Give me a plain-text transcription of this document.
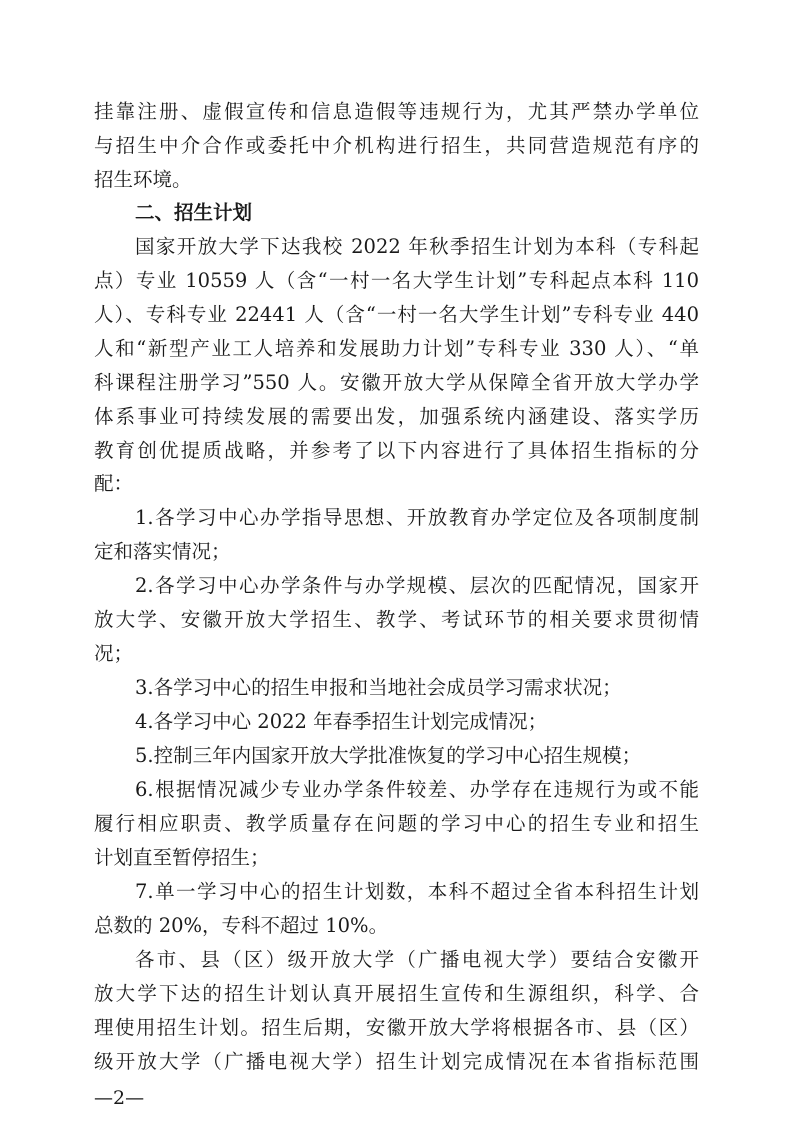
挂靠注册、虚假宣传和信息造假等违规行为，尤其严禁办学单位
与招生中介合作或委托中介机构进行招生，共同营造规范有序的
招生环境。
二、招生计划
国家开放大学下达我校 2022 年秋季招生计划为本科（专科起
点）专业 10559 人（含“一村一名大学生计划”专科起点本科 110
人）、专科专业 22441 人（含“一村一名大学生计划”专科专业 440
人和“新型产业工人培养和发展助力计划”专科专业 330 人）、“单
科课程注册学习”550 人。安徽开放大学从保障全省开放大学办学
体系事业可持续发展的需要出发，加强系统内涵建设、落实学历
教育创优提质战略，并参考了以下内容进行了具体招生指标的分
配：
1.各学习中心办学指导思想、开放教育办学定位及各项制度制
定和落实情况；
2.各学习中心办学条件与办学规模、层次的匹配情况，国家开
放大学、安徽开放大学招生、教学、考试环节的相关要求贯彻情
况；
3.各学习中心的招生申报和当地社会成员学习需求状况；
4.各学习中心 2022 年春季招生计划完成情况；
5.控制三年内国家开放大学批准恢复的学习中心招生规模；
6.根据情况减少专业办学条件较差、办学存在违规行为或不能
履行相应职责、教学质量存在问题的学习中心的招生专业和招生
计划直至暂停招生；
7.单一学习中心的招生计划数，本科不超过全省本科招生计划
总数的 20%，专科不超过 10%。
各市、县（区）级开放大学（广播电视大学）要结合安徽开
放大学下达的招生计划认真开展招生宣传和生源组织，科学、合
理使用招生计划。招生后期，安徽开放大学将根据各市、县（区）
级开放大学（广播电视大学）招生计划完成情况在本省指标范围
—2—
